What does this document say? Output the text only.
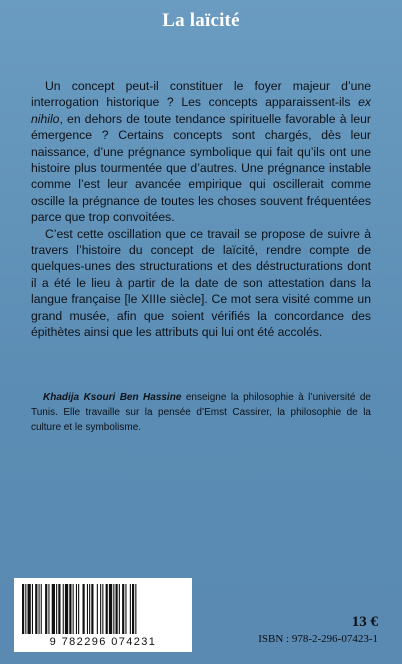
La laïcité

Un concept peut-il constituer le foyer majeur d’une interrogation historique ? Les concepts apparaissent-ils ex nihilo, en dehors de toute tendance spirituelle favorable à leur émergence ? Certains concepts sont chargés, dès leur naissance, d’une prégnance symbolique qui fait qu’ils ont une histoire plus tourmentée que d’autres. Une prégnance instable comme l’est leur avancée empirique qui oscillerait comme oscille la prégnance de toutes les choses souvent fréquentées parce que trop convoitées.

C’est cette oscillation que ce travail se propose de suivre à travers l’histoire du concept de laïcité, rendre compte de quelques-unes des structurations et des déstructurations dont il a été le lieu à partir de la date de son attestation dans la langue française [le XIIIe siècle]. Ce mot sera visité comme un grand musée, afin que soient vérifiés la concordance des épithètes ainsi que les attributs qui lui ont été accolés.

Khadija Ksouri Ben Hassine enseigne la philosophie à l’université de Tunis. Elle travaille sur la pensée d’Emst Cassirer, la philosophie de la culture et le symbolisme.

9 782296 074231
13 €
ISBN : 978-2-296-07423-1
